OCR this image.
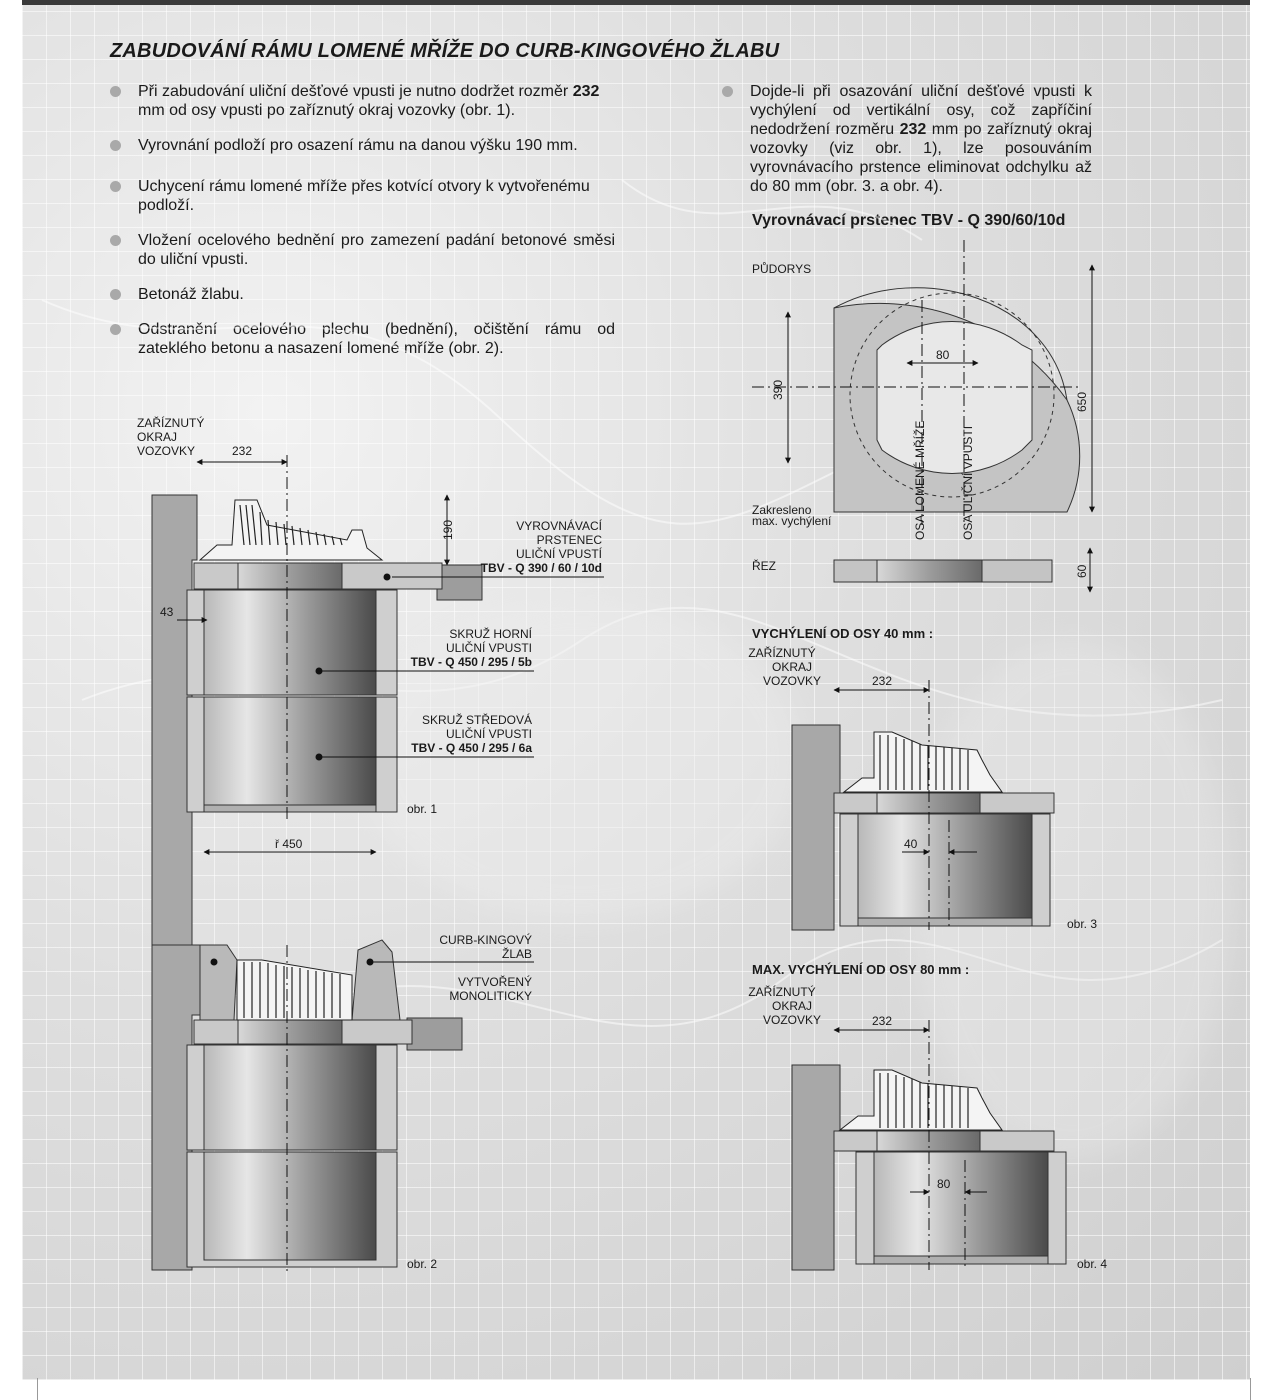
ZABUDOVÁNÍ RÁMU LOMENÉ MŘÍŽE DO CURB-KINGOVÉHO ŽLABU
Při zabudování uliční dešťové vpusti je nutno dodržet rozměr 232 mm od osy vpusti po zaříznutý okraj vozovky (obr. 1).
Vyrovnání podloží pro osazení rámu na danou výšku 190 mm.
Uchycení rámu lomené mříže přes kotvící otvory k vytvořenému podloží.
Vložení ocelového bednění pro zamezení padání betonové směsi do uliční vpusti.
Betonáž žlabu.
Odstranění ocelového plechu (bednění), očištění rámu od zateklého betonu a nasazení lomené mříže (obr. 2).
Dojde-li při osazování uliční dešťové vpusti k vychýlení od vertikální osy, což zapříčiní nedodržení rozměru 232 mm po zaříznutý okraj vozovky (viz obr. 1), lze posouváním vyrovnávacího prstence eliminovat odchylku až do 80 mm (obr. 3. a obr. 4).
Vyrovnávací prstenec TBV - Q 390/60/10d
232
190
43
ř 450
ZAŘÍZNUTÝ
OKRAJ
VOZOVKY
VYROVNÁVACÍ
PRSTENEC
ULIČNÍ VPUSTÍ
TBV - Q 390 / 60 / 10d
SKRUŽ HORNÍ
ULIČNÍ VPUSTI
TBV - Q 450 / 295 / 5b
SKRUŽ STŘEDOVÁ
ULIČNÍ VPUSTI
TBV - Q 450 / 295 / 6a
obr. 1
CURB-KINGOVÝ
ŽLAB
VYTVOŘENÝ
MONOLITICKY
obr. 2
PŮDORYS
390
650
80
OSA LOMENÉ MŘÍŽE	OSA ULIČNÍ VPUSTI
Zakresleno
max. vychýlení
ŘEZ	60
VYCHÝLENÍ OD OSY 40 mm :
ZAŘÍZNUTÝ
OKRAJ
VOZOVKY	232
40
obr. 3
MAX. VYCHÝLENÍ OD OSY 80 mm :
ZAŘÍZNUTÝ
OKRAJ
VOZOVKY	232
80
obr. 4
